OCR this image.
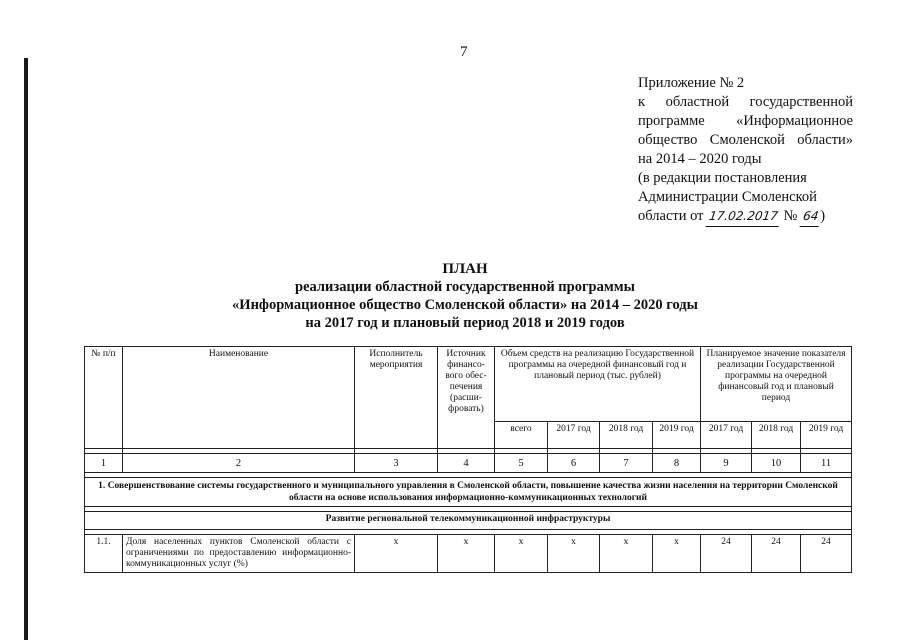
7
Приложение № 2
к областной государственной
программе «Информационное
общество Смоленской области»
на 2014 – 2020 годы
(в редакции постановления
Администрации Смоленской
области от 17.02.2017 № 64)
ПЛАН
реализации областной государственной программы
«Информационное общество Смоленской области» на 2014 – 2020 годы
на 2017 год и плановый период 2018 и 2019 годов
№ п/п	Наименование	Исполнитель мероприятия	Источник финансо-вого обес-печения (расши-фровать)	Объем средств на реализацию Государственной программы на очередной финансовый год и плановый период (тыс. рублей)				Планируемое значение показателя реализации Государственной программы на очередной финансовый год и плановый период		
				всего	2017 год	2018 год	2019 год	2017 год	2018 год	2019 год

1	2	3	4	5	6	7	8	9	10	11

1. Совершенствование системы государственного и муниципального управления в Смоленской области, повышение качества жизни населения на территории Смоленской области на основе использования информационно-коммуникационных технологий										

Развитие региональной телекоммуникационной инфраструктуры										

1.1.	Доля населенных пунктов Смоленской области с ограничениями по предоставлению информационно-коммуникационных услуг (%)	х	х	х	х	х	х	24	24	24
